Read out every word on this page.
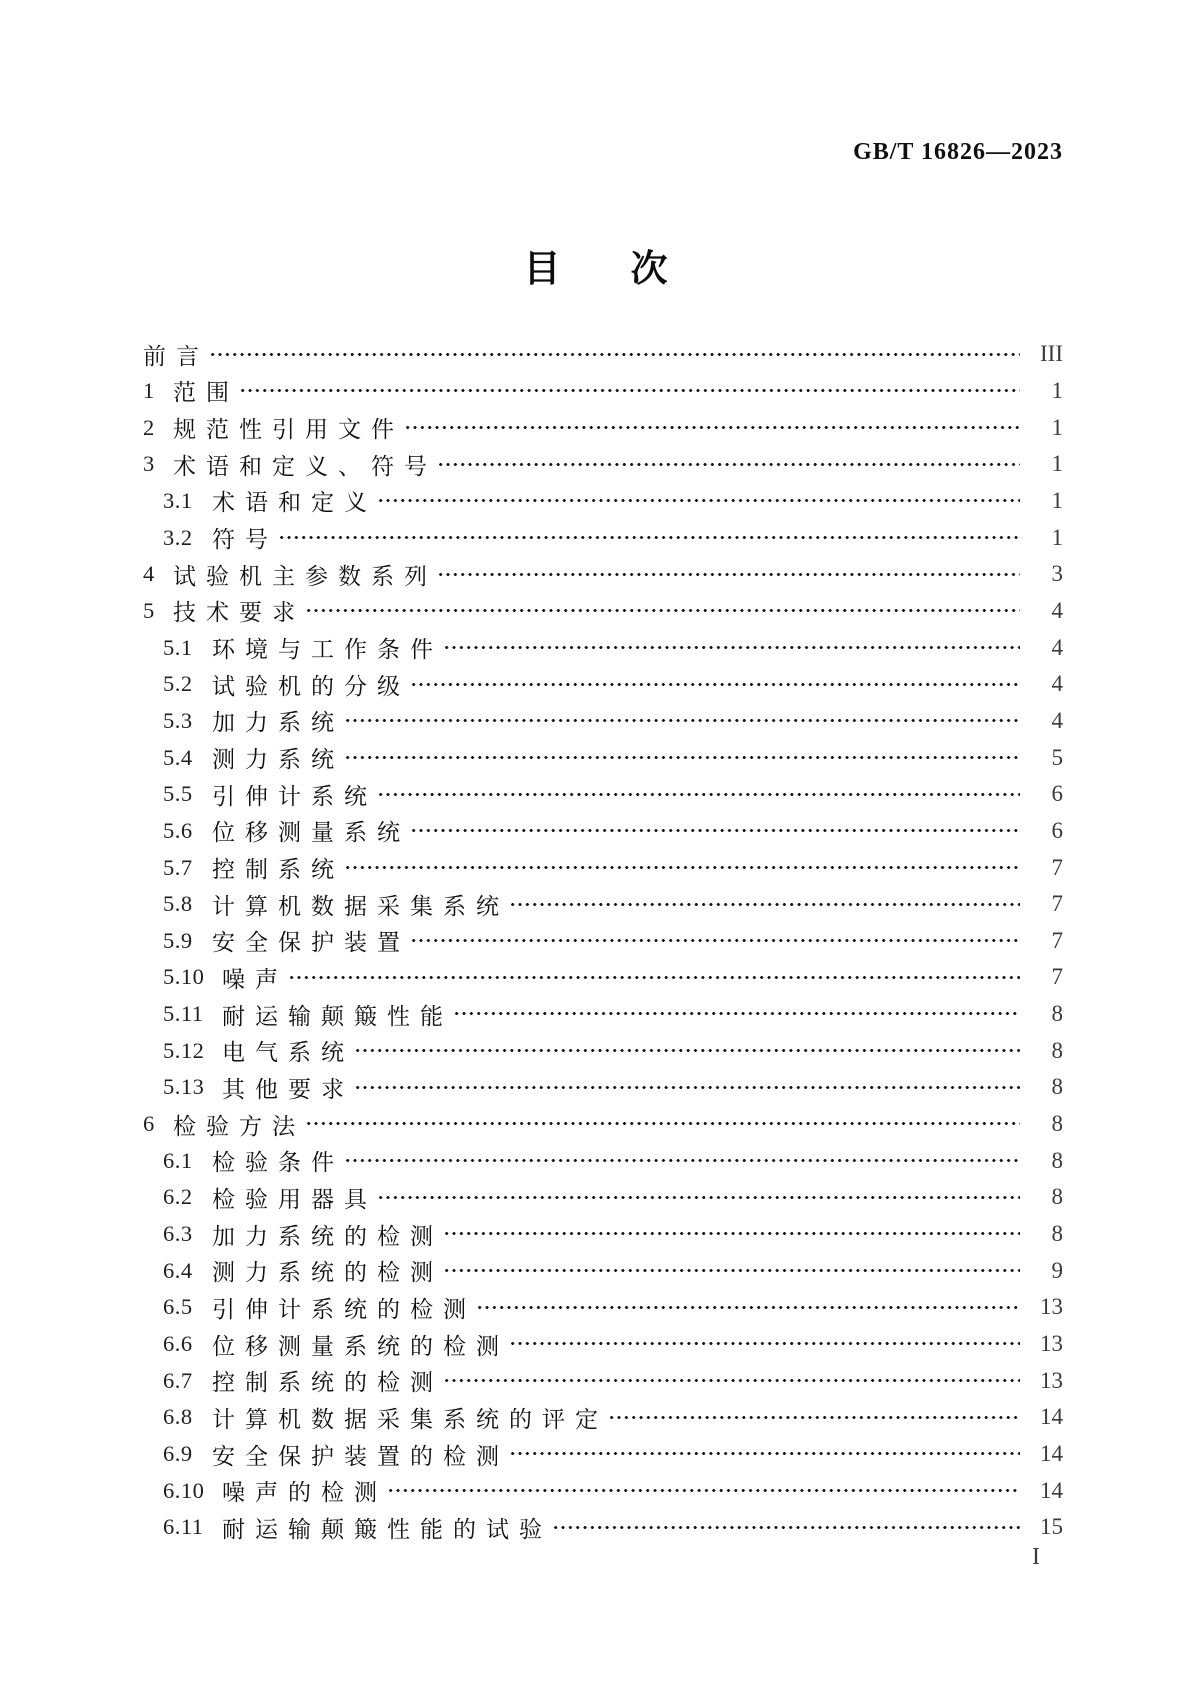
GB/T 16826—2023
目次
前言	III
1 范围	1
2 规范性引用文件	1
3 术语和定义、符号	1
3.1 术语和定义	1
3.2 符号	1
4 试验机主参数系列	3
5 技术要求	4
5.1 环境与工作条件	4
5.2 试验机的分级	4
5.3 加力系统	4
5.4 测力系统	5
5.5 引伸计系统	6
5.6 位移测量系统	6
5.7 控制系统	7
5.8 计算机数据采集系统	7
5.9 安全保护装置	7
5.10 噪声	7
5.11 耐运输颠簸性能	8
5.12 电气系统	8
5.13 其他要求	8
6 检验方法	8
6.1 检验条件	8
6.2 检验用器具	8
6.3 加力系统的检测	8
6.4 测力系统的检测	9
6.5 引伸计系统的检测	13
6.6 位移测量系统的检测	13
6.7 控制系统的检测	13
6.8 计算机数据采集系统的评定	14
6.9 安全保护装置的检测	14
6.10 噪声的检测	14
6.11 耐运输颠簸性能的试验	15
I
